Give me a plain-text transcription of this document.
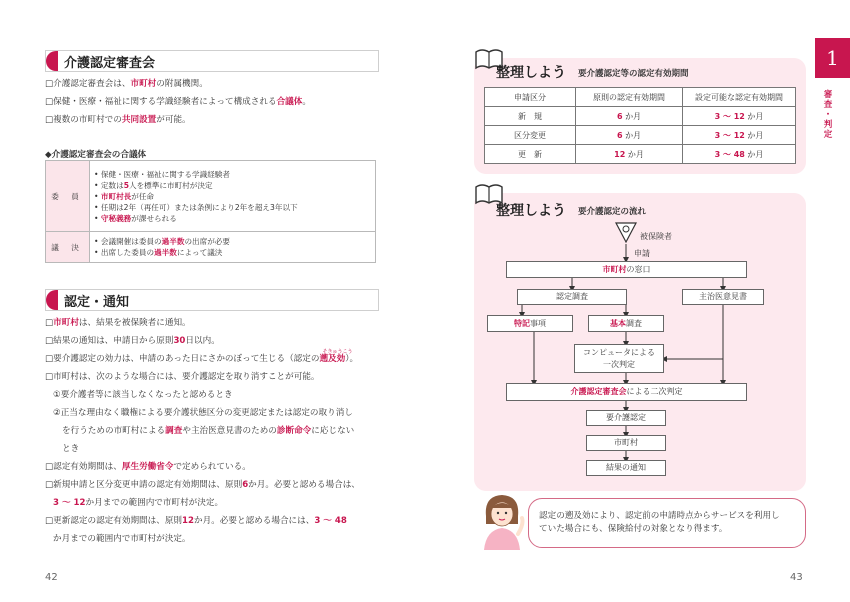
介護認定審査会
□介護認定審査会は、市町村の附属機関。
□保健・医療・福祉に関する学識経験者によって構成される合議体。
□複数の市町村での共同設置が可能。
◆介護認定審査会の合議体
委 員	• 保健・医療・福祉に関する学識経験者
• 定数は5人を標準に市町村が決定
• 市町村長が任命
• 任期は2年（再任可）または条例により2年を超え3年以下
• 守秘義務が課せられる

議 決	• 会議開催は委員の過半数の出席が必要
• 出席した委員の過半数によって議決
認定・通知
□市町村は、結果を被保険者に通知。
□結果の通知は、申請日から原則30日以内。
□要介護認定の効力は、申請のあった日にさかのぼって生じる（認定の
そきゅうこう
遡及効）。
□市町村は、次のような場合には、要介護認定を取り消すことが可能。
①要介護者等に該当しなくなったと認めるとき
②正当な理由なく職権による要介護状態区分の変更認定または認定の取り消し
を行うための市町村による調査や主治医意見書のための診断命令に応じない
とき
□認定有効期間は、厚生労働省令で定められている。
□新規申請と区分変更申請の認定有効期間は、原則6か月。必要と認める場合は、
3 ～ 12か月までの範囲内で市町村が決定。
□更新認定の認定有効期間は、原則12か月。必要と認める場合には、3 ～ 48
か月までの範囲内で市町村が決定。
42
整理しよう 要介護認定等の認定有効期間
申請区分	原則の認定有効期間	設定可能な認定有効期間
新　規	6 か月	3 ～ 12 か月
区分変更	6 か月	3 ～ 12 か月
更　新	12 か月	3 ～ 48 か月
整理しよう 要介護認定の流れ
被保険者
申請
市町村の窓口
認定調査	主治医意見書
特記事項	基本調査
コンピュータによる
一次判定
介護認定審査会による二次判定
要介護認定
市町村
結果の通知
認定の遡及効により、認定前の申請時点からサービスを利用し
ていた場合にも、保険給付の対象となり得ます。
1
審
査
・
判
定
43
